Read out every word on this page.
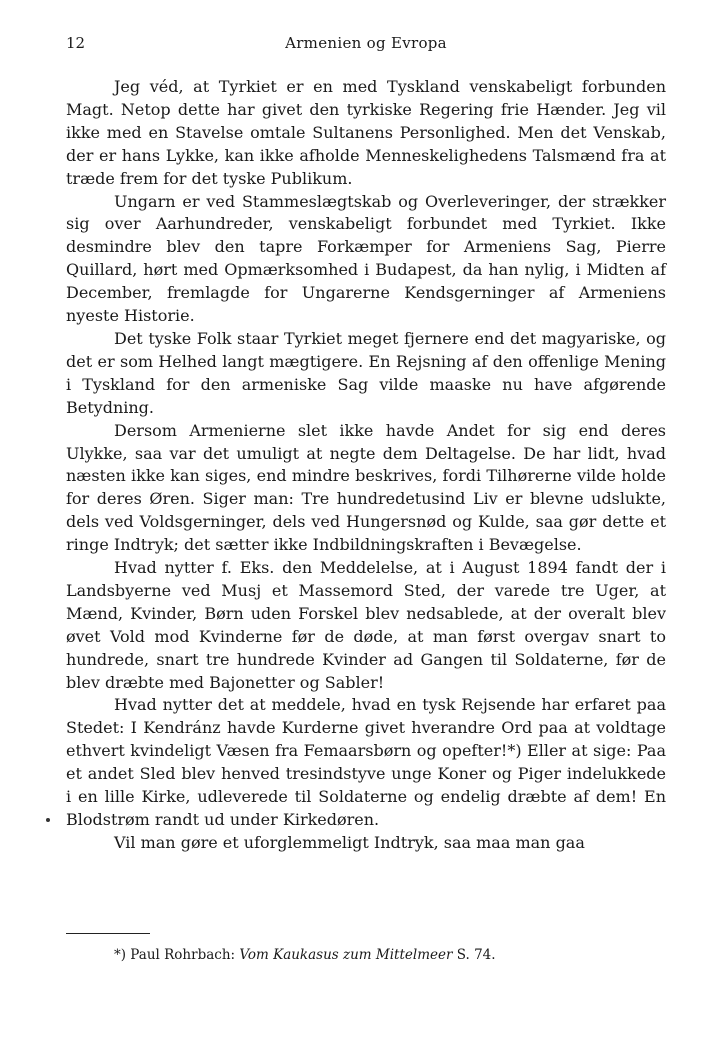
12	Armenien og Evropa

Jeg véd, at Tyrkiet er en med Tyskland venskabeligt forbunden Magt. Netop dette har givet den tyrkiske Regering frie Hænder. Jeg vil ikke med en Stavelse omtale Sultanens Personlighed. Men det Venskab, der er hans Lykke, kan ikke afholde Menneskelighedens Talsmænd fra at træde frem for det tyske Publikum.

Ungarn er ved Stammeslægtskab og Overleveringer, der strækker sig over Aarhundreder, venskabeligt forbundet med Tyrkiet. Ikke desmindre blev den tapre Forkæmper for Armeniens Sag, Pierre Quillard, hørt med Opmærksomhed i Budapest, da han nylig, i Midten af December, fremlagde for Ungarerne Kendsgerninger af Armeniens nyeste Historie.

Det tyske Folk staar Tyrkiet meget fjernere end det magyariske, og det er som Helhed langt mægtigere. En Rejsning af den offenlige Mening i Tyskland for den armeniske Sag vilde maaske nu have afgørende Betydning.

Dersom Armenierne slet ikke havde Andet for sig end deres Ulykke, saa var det umuligt at negte dem Deltagelse. De har lidt, hvad næsten ikke kan siges, end mindre beskrives, fordi Tilhørerne vilde holde for deres Øren. Siger man: Tre hundredetusind Liv er blevne udslukte, dels ved Voldsgerninger, dels ved Hungersnød og Kulde, saa gør dette et ringe Indtryk; det sætter ikke Indbildningskraften i Bevægelse.

Hvad nytter f. Eks. den Meddelelse, at i August 1894 fandt der i Landsbyerne ved Musj et Massemord Sted, der varede tre Uger, at Mænd, Kvinder, Børn uden Forskel blev nedsablede, at der overalt blev øvet Vold mod Kvinderne før de døde, at man først overgav snart to hundrede, snart tre hundrede Kvinder ad Gangen til Soldaterne, før de blev dræbte med Bajonetter og Sabler!

Hvad nytter det at meddele, hvad en tysk Rejsende har erfaret paa Stedet: I Kendránz havde Kurderne givet hverandre Ord paa at voldtage ethvert kvindeligt Væsen fra Femaarsbørn og opefter!*) Eller at sige: Paa et andet Sled blev henved tresindstyve unge Koner og Piger indelukkede i en lille Kirke, udleverede til Soldaterne og endelig dræbte af dem! En Blodstrøm randt ud under Kirkedøren.

Vil man gøre et uforglemmeligt Indtryk, saa maa man gaa

*) Paul Rohrbach: Vom Kaukasus zum Mittelmeer S. 74.
